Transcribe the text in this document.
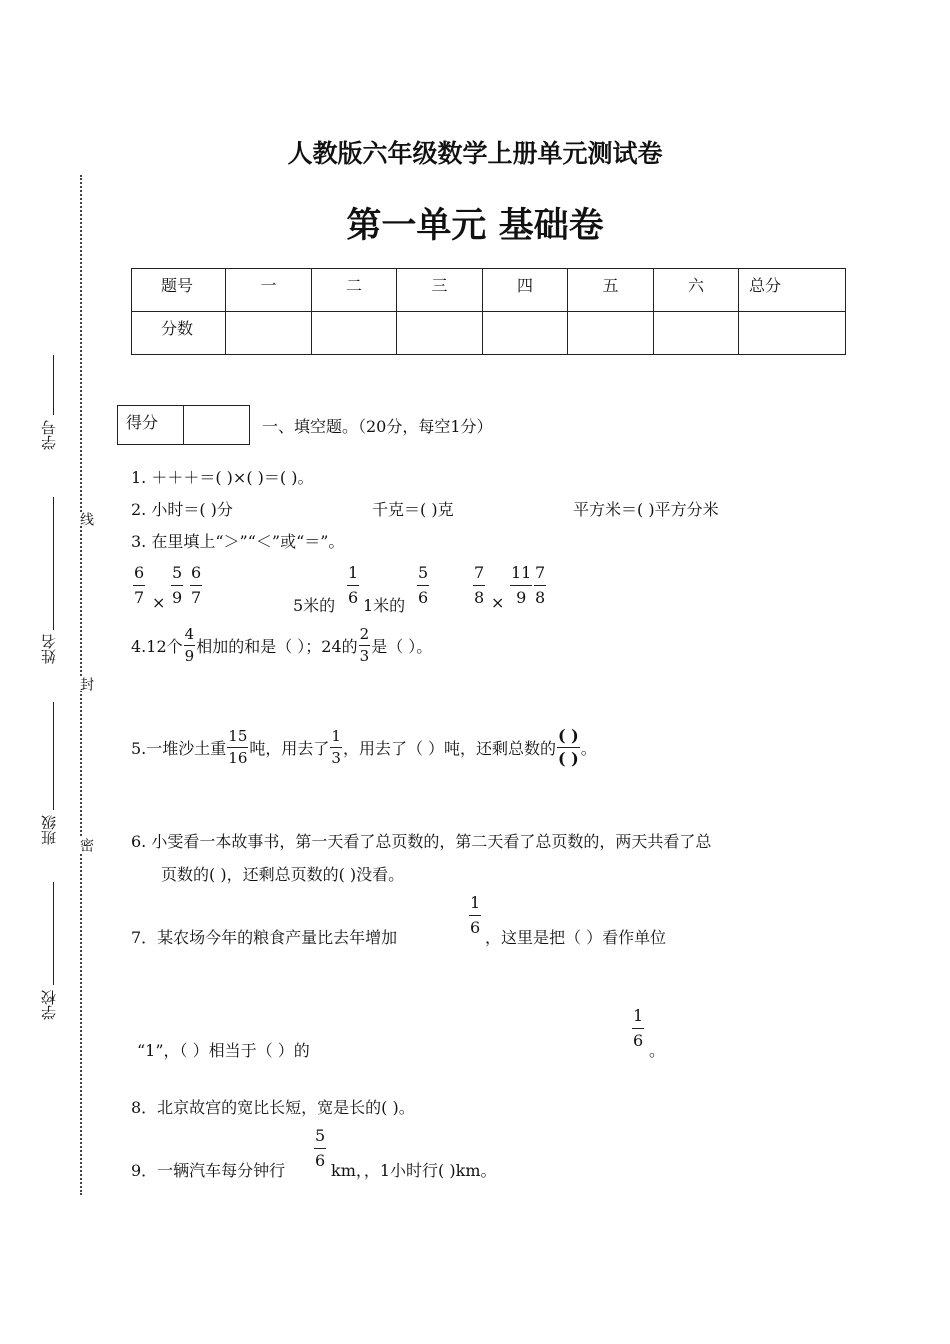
学号
姓名
班级
学校
线
封
密
人教版六年级数学上册单元测试卷
第一单元 基础卷
题号	一	二	三	四	五	六	总分
分数							
得分	一、填空题。（20分，每空1分）
1. ＋＋＋＝( )×( )＝( )。
2. 小时＝( )分	千克＝( )克	平方米＝( )平方分米
3. 在里填上“＞”“＜”或“＝”。
6
7 ×
5
9
6
7	5米的
1
6 1米的
5
6
7
8 ×
11
9
7
8
4.12个 $\frac{4}{9}$ 相加的和是（ ）；24的 $\frac{2}{3}$ 是（ ）。
5.一堆沙土重 $\frac{15}{16}$ 吨，用去了 $\frac{1}{3}$ ，用去了（ ）吨，还剩总数的 $\frac{( )}{( )}$ 。
6. 小雯看一本故事书，第一天看了总页数的，第二天看了总页数的，两天共看了总
页数的( )，还剩总页数的( )没看。
7．某农场今年的粮食产量比去年增加
1
6
，这里是把（ ）看作单位
“1”，（ ）相当于（ ）的
1
6
。
8．北京故宫的宽比长短，宽是长的( )。
9．一辆汽车每分钟行
5
6
km，，1小时行( )km。
